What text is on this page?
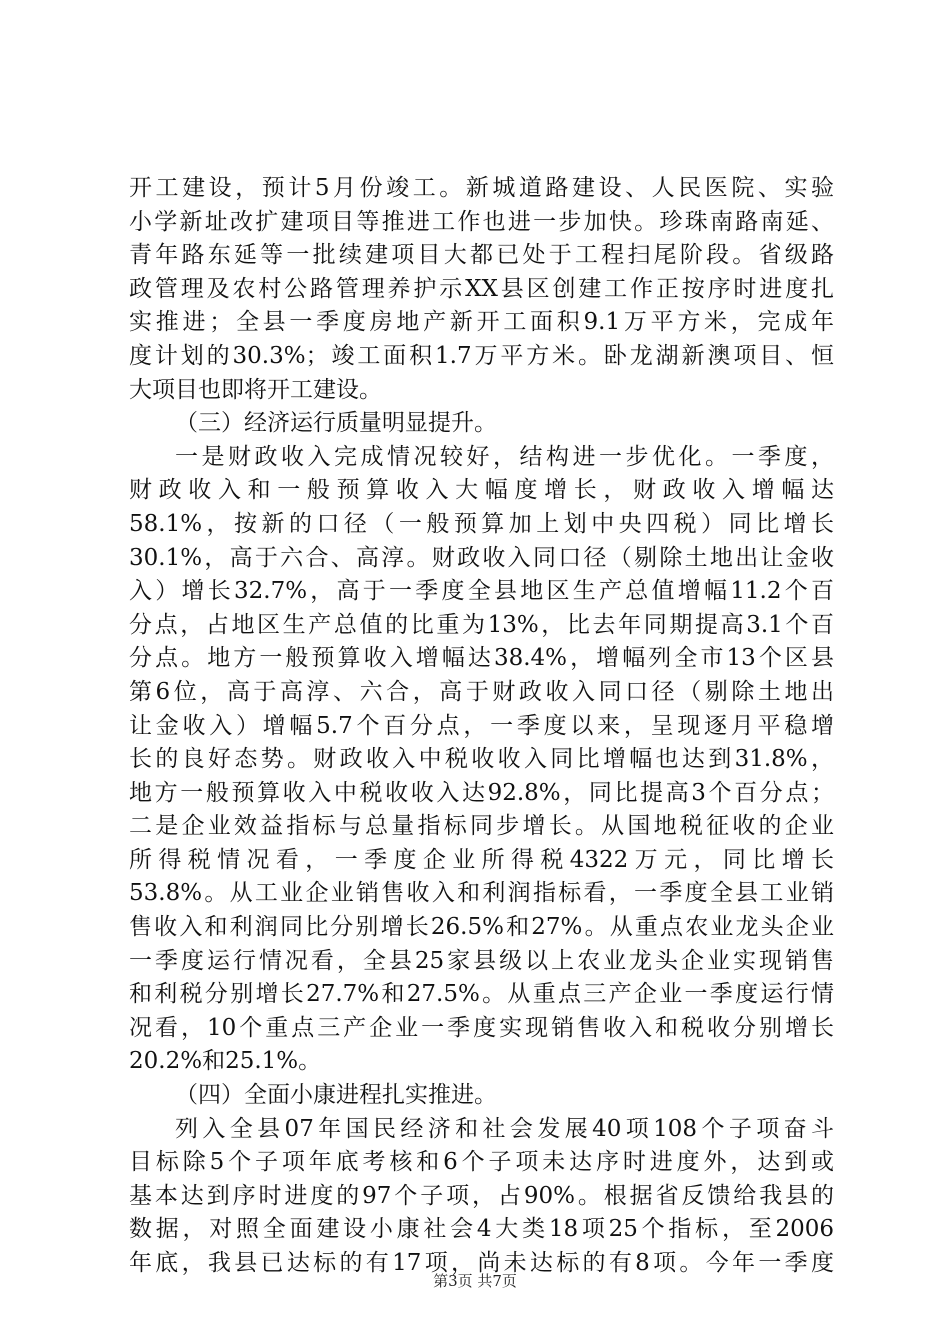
开工建设，预计5月份竣工。新城道路建设、人民医院、实验
小学新址改扩建项目等推进工作也进一步加快。珍珠南路南延、
青年路东延等一批续建项目大都已处于工程扫尾阶段。省级路
政管理及农村公路管理养护示XX县区创建工作正按序时进度扎
实推进；全县一季度房地产新开工面积9.1万平方米，完成年
度计划的30.3%；竣工面积1.7万平方米。卧龙湖新澳项目、恒
大项目也即将开工建设。
（三）经济运行质量明显提升。
一是财政收入完成情况较好，结构进一步优化。一季度，
财政收入和一般预算收入大幅度增长，财政收入增幅达
58.1%，按新的口径（一般预算加上划中央四税）同比增长
30.1%，高于六合、高淳。财政收入同口径（剔除土地出让金收
入）增长32.7%，高于一季度全县地区生产总值增幅11.2个百
分点，占地区生产总值的比重为13%，比去年同期提高3.1个百
分点。地方一般预算收入增幅达38.4%，增幅列全市13个区县
第6位，高于高淳、六合，高于财政收入同口径（剔除土地出
让金收入）增幅5.7个百分点，一季度以来，呈现逐月平稳增
长的良好态势。财政收入中税收收入同比增幅也达到31.8%，
地方一般预算收入中税收收入达92.8%，同比提高3个百分点；
二是企业效益指标与总量指标同步增长。从国地税征收的企业
所得税情况看，一季度企业所得税4322万元，同比增长
53.8%。从工业企业销售收入和利润指标看，一季度全县工业销
售收入和利润同比分别增长26.5%和27%。从重点农业龙头企业
一季度运行情况看，全县25家县级以上农业龙头企业实现销售
和利税分别增长27.7%和27.5%。从重点三产企业一季度运行情
况看，10个重点三产企业一季度实现销售收入和税收分别增长
20.2%和25.1%。
（四）全面小康进程扎实推进。
列入全县07年国民经济和社会发展40项108个子项奋斗
目标除5个子项年底考核和6个子项未达序时进度外，达到或
基本达到序时进度的97个子项，占90%。根据省反馈给我县的
数据，对照全面建设小康社会4大类18项25个指标，至2006
年底，我县已达标的有17项，尚未达标的有8项。今年一季度
第3页 共7页
